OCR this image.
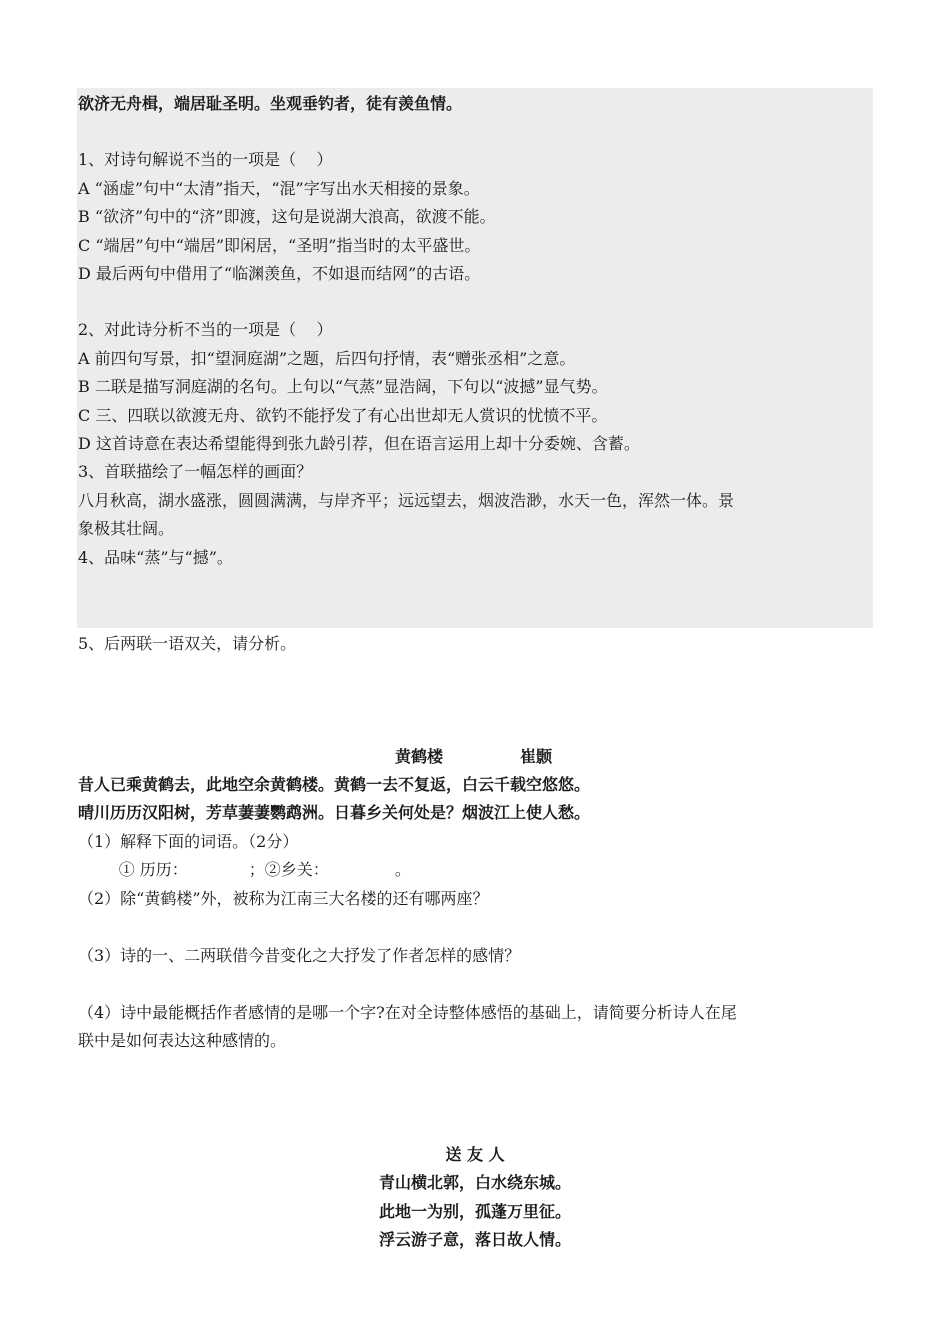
欲济无舟楫，端居耻圣明。坐观垂钓者，徒有羡鱼情。
1、对诗句解说不当的一项是（    ）
A “涵虚”句中“太清”指天，“混”字写出水天相接的景象。
B “欲济”句中的“济”即渡，这句是说湖大浪高，欲渡不能。
C “端居”句中“端居”即闲居，“圣明”指当时的太平盛世。
D 最后两句中借用了“临渊羡鱼，不如退而结网”的古语。
2、对此诗分析不当的一项是（    ）
A 前四句写景，扣“望洞庭湖”之题，后四句抒情，表“赠张丞相”之意。
B 二联是描写洞庭湖的名句。上句以“气蒸”显浩阔，下句以“波撼”显气势。
C 三、四联以欲渡无舟、欲钓不能抒发了有心出世却无人赏识的忧愤不平。
D 这首诗意在表达希望能得到张九龄引荐，但在语言运用上却十分委婉、含蓄。
3、首联描绘了一幅怎样的画面？
八月秋高，湖水盛涨，圆圆满满，与岸齐平；远远望去，烟波浩渺，水天一色，浑然一体。景
象极其壮阔。
4、品味“蒸”与“撼”。
5、后两联一语双关，请分析。
黄鹤楼	崔颢
昔人已乘黄鹤去，此地空余黄鹤楼。黄鹤一去不复返，白云千载空悠悠。
晴川历历汉阳树，芳草萋萋鹦鹉洲。日暮乡关何处是？烟波江上使人愁。
（1）解释下面的词语。（2分）
① 历历：            ；②乡关：             。
（2）除“黄鹤楼”外，被称为江南三大名楼的还有哪两座？
（3）诗的一、二两联借今昔变化之大抒发了作者怎样的感情？
（4）诗中最能概括作者感情的是哪一个字?在对全诗整体感悟的基础上，请简要分析诗人在尾
联中是如何表达这种感情的。
送 友 人
青山横北郭，白水绕东城。
此地一为别，孤蓬万里征。
浮云游子意，落日故人情。
